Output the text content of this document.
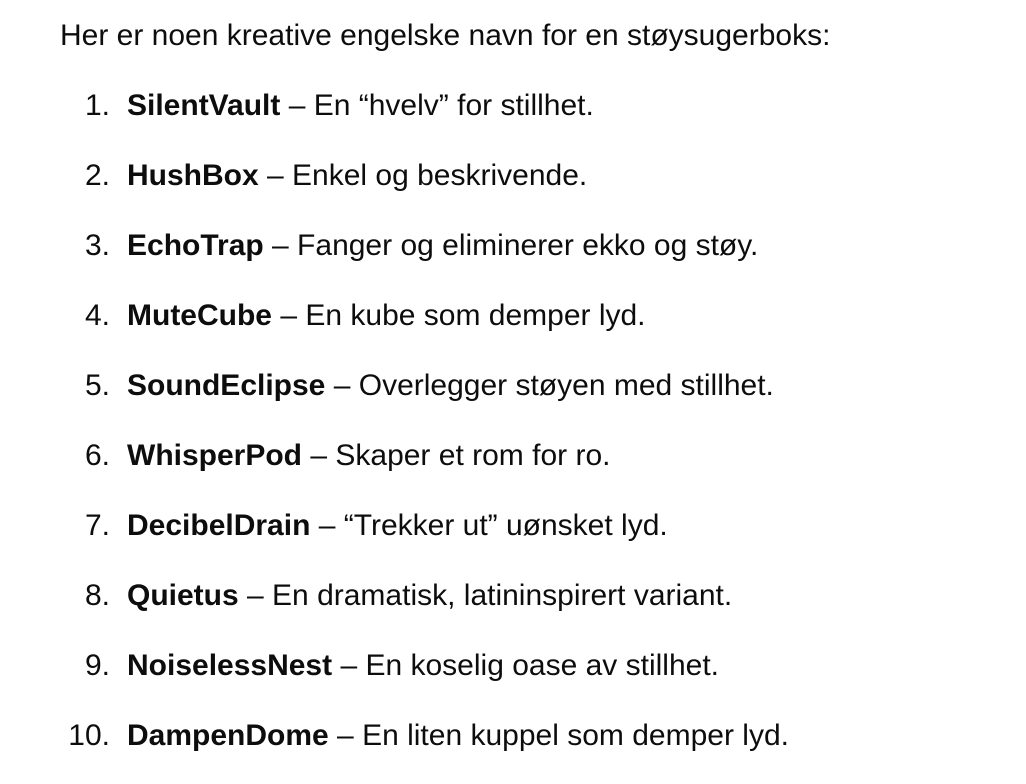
Her er noen kreative engelske navn for en støysugerboks:

1. SilentVault – En “hvelv” for stillhet.
2. HushBox – Enkel og beskrivende.
3. EchoTrap – Fanger og eliminerer ekko og støy.
4. MuteCube – En kube som demper lyd.
5. SoundEclipse – Overlegger støyen med stillhet.
6. WhisperPod – Skaper et rom for ro.
7. DecibelDrain – “Trekker ut” uønsket lyd.
8. Quietus – En dramatisk, latininspirert variant.
9. NoiselessNest – En koselig oase av stillhet.
10. DampenDome – En liten kuppel som demper lyd.
